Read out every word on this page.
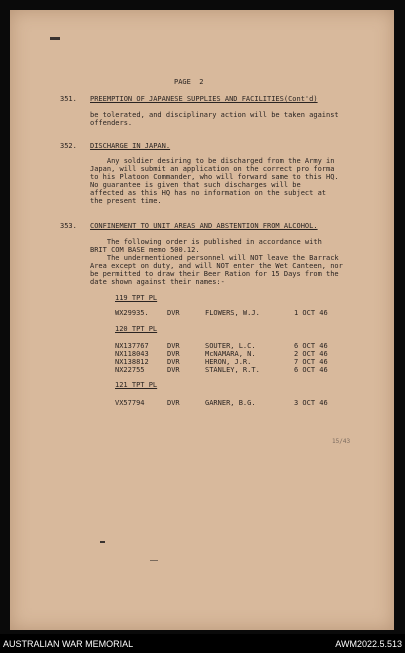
PAGE  2
351. PREEMPTION OF JAPANESE SUPPLIES AND FACILITIES(Cont'd)
be tolerated, and disciplinary action will be taken against
offenders.
352. DISCHARGE IN JAPAN.
Any soldier desiring to be discharged from the Army in
Japan, will submit an application on the correct pro forma
to his Platoon Commander, who will forward same to this HQ.
No guarantee is given that such discharges will be
affected as this HQ has no information on the subject at
the present time.
353. CONFINEMENT TO UNIT AREAS AND ABSTENTION FROM ALCOHOL.
The following order is published in accordance with
BRIT COM BASE memo 500.12.
The undermentioned personnel will NOT leave the Barrack
Area except on duty, and will NOT enter the Wet Canteen, nor
be permitted to draw their Beer Ration for 15 Days from the
date shown against their names:-
119 TPT PL
WX29935.	DVR	FLOWERS, W.J.	1 OCT 46
120 TPT PL
NX137767	DVR	SOUTER, L.C.	6 OCT 46
NX118043	DVR	McNAMARA, N.	2 OCT 46
NX138812	DVR	HERON, J.R.	7 OCT 46
NX22755	DVR	STANLEY, R.T.	6 OCT 46
121 TPT PL
VX57794	DVR	GARNER, B.G.	3 OCT 46
15/43
AUSTRALIAN WAR MEMORIAL	AWM2022.5.513
